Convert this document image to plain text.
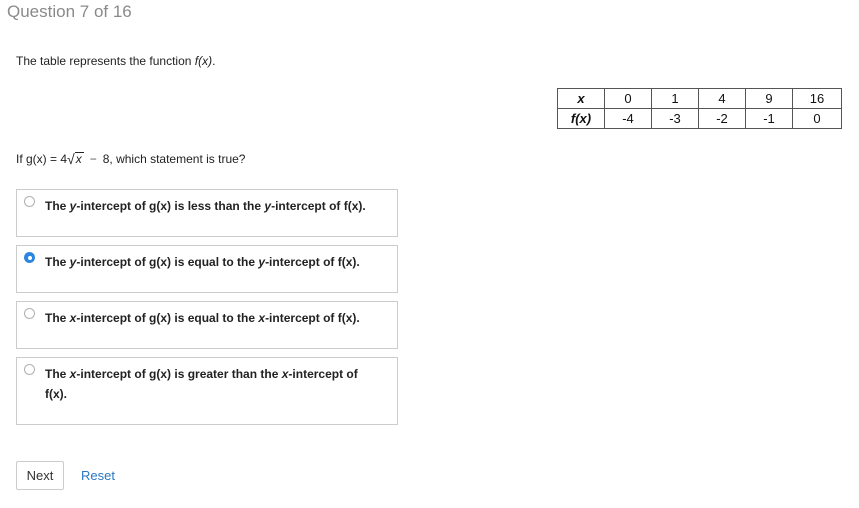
Question 7 of 16
The table represents the function f(x).
x	0	1	4	9	16
f(x)	-4	-3	-2	-1	0
If g(x) = 4√x − 8, which statement is true?
The y-intercept of g(x) is less than the y-intercept of f(x).
The y-intercept of g(x) is equal to the y-intercept of f(x).
The x-intercept of g(x) is equal to the x-intercept of f(x).
The x-intercept of g(x) is greater than the x-intercept of f(x).
Next	Reset
